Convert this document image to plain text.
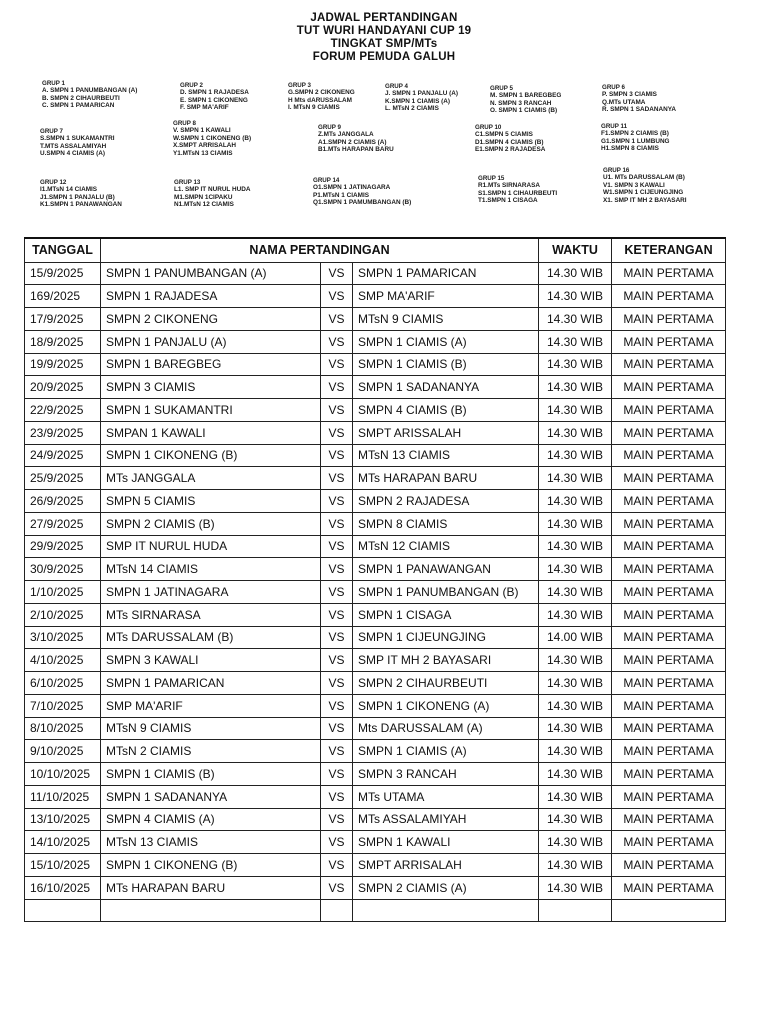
JADWAL PERTANDINGAN
TUT WURI HANDAYANI CUP 19
TINGKAT SMP/MTs
FORUM PEMUDA GALUH
GRUP 1
A. SMPN 1 PANUMBANGAN (A)
B. SMPN 2 CIHAURBEUTI
C. SMPN 1 PAMARICAN
GRUP 2
D. SMPN 1 RAJADESA
E. SMPN 1 CIKONENG
F. SMP MA'ARIF
GRUP 3
G.SMPN 2 CIKONENG
H Mts dARUSSALAM
I. MTsN 9 CIAMIS
GRUP 4
J. SMPN 1 PANJALU (A)
K.SMPN 1 CIAMIS (A)
L. MTsN 2 CIAMIS
GRUP 5
M. SMPN 1 BAREGBEG
N. SMPN 3 RANCAH
O. SMPN 1 CIAMIS (B)
GRUP 6
P. SMPN 3 CIAMIS
Q.MTs UTAMA
R. SMPN 1 SADANANYA
GRUP 7
S.SMPN 1 SUKAMANTRI
T.MTS ASSALAMIYAH
U.SMPN 4 CIAMIS (A)
GRUP 8
V. SMPN 1 KAWALI
W.SMPN 1 CIKONENG (B)
X.SMPT ARRISALAH
Y1.MTsN 13 CIAMIS
GRUP 9
Z.MTs JANGGALA
A1.SMPN 2 CIAMIS (A)
B1.MTs HARAPAN BARU
GRUP 10
C1.SMPN 5 CIAMIS
D1.SMPN 4 CIAMIS (B)
E1.SMPN 2 RAJADESA
GRUP 11
F1.SMPN 2 CIAMIS (B)
G1.SMPN 1 LUMBUNG
H1.SMPN 8 CIAMIS
GRUP 12
I1.MTsN 14 CIAMIS
J1.SMPN 1 PANJALU (B)
K1.SMPN 1 PANAWANGAN
GRUP 13
L1. SMP IT NURUL HUDA
M1.SMPN 1CIPAKU
N1.MTsN 12 CIAMIS
GRUP 14
O1.SMPN 1 JATINAGARA
P1.MTsN 1 CIAMIS
Q1.SMPN 1 PAMUMBANGAN (B)
GRUP 15
R1.MTs SIRNARASA
S1.SMPN 1 CIHAURBEUTI
T1.SMPN 1 CISAGA
GRUP 16
U1. MTs DARUSSALAM (B)
V1. SMPN 3 KAWALI
W1.SMPN 1 CIJEUNGJING
X1. SMP IT MH 2 BAYASARI
TANGGAL	NAMA PERTANDINGAN			WAKTU	KETERANGAN
15/9/2025	SMPN 1 PANUMBANGAN (A)	VS	SMPN 1 PAMARICAN	14.30 WIB	MAIN PERTAMA
169/2025	SMPN 1 RAJADESA	VS	SMP MA'ARIF	14.30 WIB	MAIN PERTAMA
17/9/2025	SMPN 2 CIKONENG	VS	MTsN 9 CIAMIS	14.30 WIB	MAIN PERTAMA
18/9/2025	SMPN 1 PANJALU (A)	VS	SMPN 1 CIAMIS (A)	14.30 WIB	MAIN PERTAMA
19/9/2025	SMPN 1 BAREGBEG	VS	SMPN 1 CIAMIS (B)	14.30 WIB	MAIN PERTAMA
20/9/2025	SMPN 3 CIAMIS	VS	SMPN 1 SADANANYA	14.30 WIB	MAIN PERTAMA
22/9/2025	SMPN 1 SUKAMANTRI	VS	SMPN 4 CIAMIS (B)	14.30 WIB	MAIN PERTAMA
23/9/2025	SMPAN 1 KAWALI	VS	SMPT ARISSALAH	14.30 WIB	MAIN PERTAMA
24/9/2025	SMPN 1 CIKONENG (B)	VS	MTsN 13 CIAMIS	14.30 WIB	MAIN PERTAMA
25/9/2025	MTs JANGGALA	VS	MTs HARAPAN BARU	14.30 WIB	MAIN PERTAMA
26/9/2025	SMPN 5 CIAMIS	VS	SMPN 2 RAJADESA	14.30 WIB	MAIN PERTAMA
27/9/2025	SMPN 2 CIAMIS (B)	VS	SMPN 8 CIAMIS	14.30 WIB	MAIN PERTAMA
29/9/2025	SMP IT NURUL HUDA	VS	MTsN 12 CIAMIS	14.30 WIB	MAIN PERTAMA
30/9/2025	MTsN 14 CIAMIS	VS	SMPN 1 PANAWANGAN	14.30 WIB	MAIN PERTAMA
1/10/2025	SMPN 1 JATINAGARA	VS	SMPN 1 PANUMBANGAN (B)	14.30 WIB	MAIN PERTAMA
2/10/2025	MTs SIRNARASA	VS	SMPN 1 CISAGA	14.30 WIB	MAIN PERTAMA
3/10/2025	MTs DARUSSALAM (B)	VS	SMPN 1 CIJEUNGJING	14.00 WIB	MAIN PERTAMA
4/10/2025	SMPN 3 KAWALI	VS	SMP IT MH 2 BAYASARI	14.30 WIB	MAIN PERTAMA
6/10/2025	SMPN 1 PAMARICAN	VS	SMPN 2 CIHAURBEUTI	14.30 WIB	MAIN PERTAMA
7/10/2025	SMP MA'ARIF	VS	SMPN 1 CIKONENG (A)	14.30 WIB	MAIN PERTAMA
8/10/2025	MTsN 9 CIAMIS	VS	Mts DARUSSALAM (A)	14.30 WIB	MAIN PERTAMA
9/10/2025	MTsN 2 CIAMIS	VS	SMPN 1 CIAMIS (A)	14.30 WIB	MAIN PERTAMA
10/10/2025	SMPN 1 CIAMIS (B)	VS	SMPN 3 RANCAH	14.30 WIB	MAIN PERTAMA
11/10/2025	SMPN 1 SADANANYA	VS	MTs UTAMA	14.30 WIB	MAIN PERTAMA
13/10/2025	SMPN 4 CIAMIS (A)	VS	MTs ASSALAMIYAH	14.30 WIB	MAIN PERTAMA
14/10/2025	MTsN 13 CIAMIS	VS	SMPN 1 KAWALI	14.30 WIB	MAIN PERTAMA
15/10/2025	SMPN 1 CIKONENG (B)	VS	SMPT ARRISALAH	14.30 WIB	MAIN PERTAMA
16/10/2025	MTs HARAPAN BARU	VS	SMPN 2 CIAMIS (A)	14.30 WIB	MAIN PERTAMA
